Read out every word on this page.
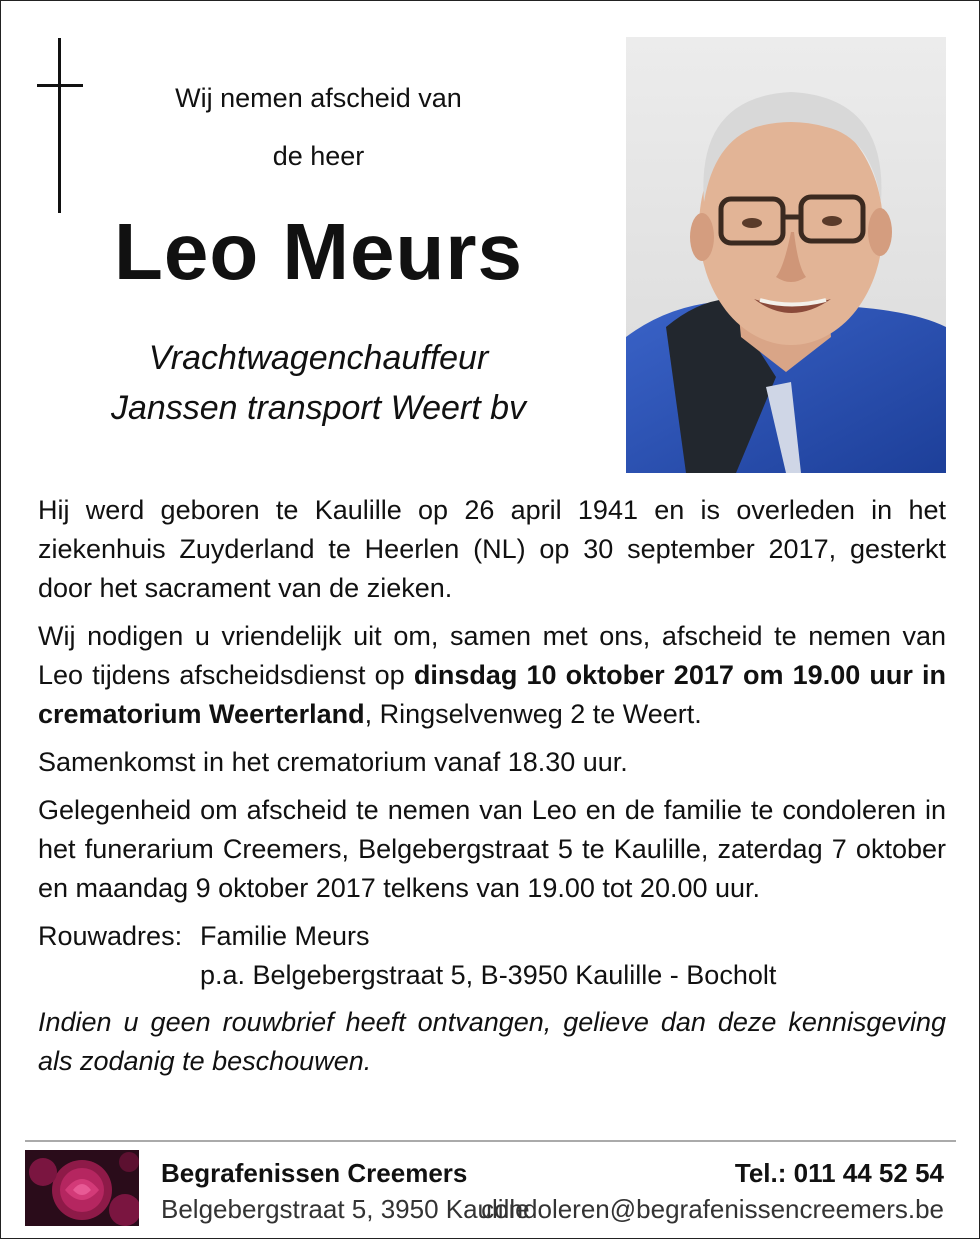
Wij nemen afscheid van
de heer
Leo Meurs
Vrachtwagenchauffeur
Janssen transport Weert bv

Hij werd geboren te Kaulille op 26 april 1941 en is overleden in het ziekenhuis Zuyderland te Heerlen (NL) op 30 september 2017, gesterkt door het sacrament van de zieken.

Wij nodigen u vriendelijk uit om, samen met ons, afscheid te nemen van Leo tijdens afscheidsdienst op dinsdag 10 oktober 2017 om 19.00 uur in crematorium Weerterland, Ringselvenweg 2 te Weert.

Samenkomst in het crematorium vanaf 18.30 uur.

Gelegenheid om afscheid te nemen van Leo en de familie te condoleren in het funerarium Creemers, Belgebergstraat 5 te Kaulille, zaterdag 7 oktober en maandag 9 oktober 2017 telkens van 19.00 tot 20.00 uur.

Rouwadres: Familie Meurs
p.a. Belgebergstraat 5, B-3950 Kaulille - Bocholt

Indien u geen rouwbrief heeft ontvangen, gelieve dan deze kennisgeving als zodanig te beschouwen.

Begrafenissen Creemers
Belgebergstraat 5, 3950 Kaulille
Tel.: 011 44 52 54
condoleren@begrafenissencreemers.be
